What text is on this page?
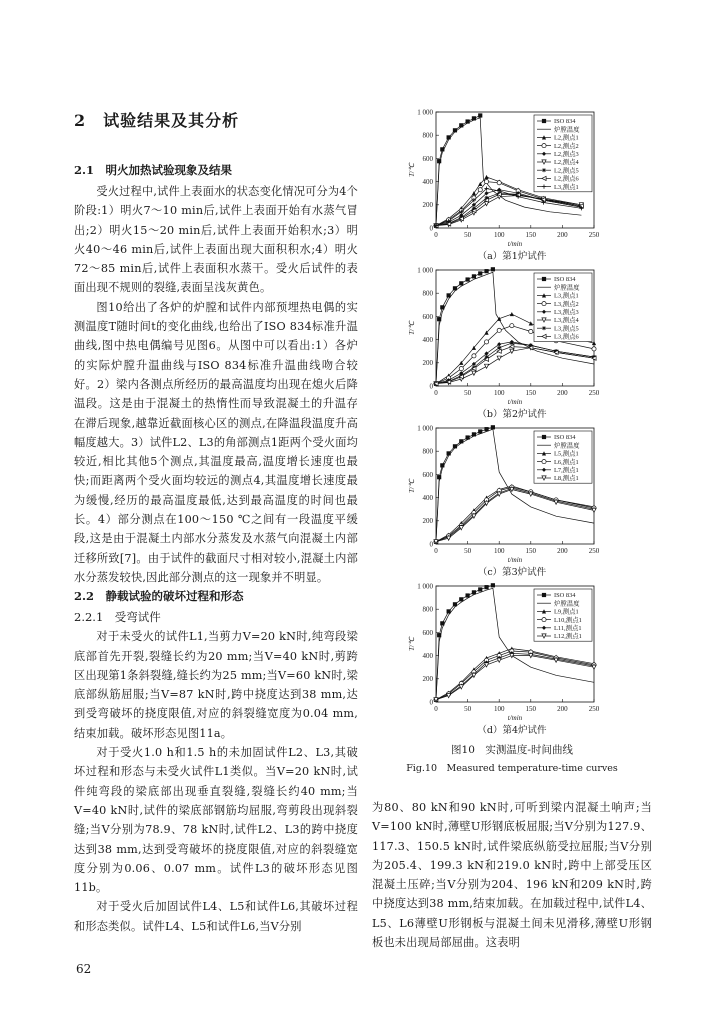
2　试验结果及其分析
2.1　明火加热试验现象及结果

受火过程中,试件上表面水的状态变化情况可分为4个阶段:1）明火7～10 min后,试件上表面开始有水蒸气冒出;2）明火15～20 min后,试件上表面开始积水;3）明火40～46 min后,试件上表面出现大面积积水;4）明火72～85 min后,试件上表面积水蒸干。受火后试件的表面出现不规则的裂缝,表面呈浅灰黄色。

图10给出了各炉的炉膛和试件内部预埋热电偶的实测温度T随时间t的变化曲线,也给出了ISO 834标准升温曲线,图中热电偶编号见图6。从图中可以看出:1）各炉的实际炉膛升温曲线与ISO 834标准升温曲线吻合较好。2）梁内各测点所经历的最高温度均出现在熄火后降温段。这是由于混凝土的热惰性而导致混凝土的升温存在滞后现象,越靠近截面核心区的测点,在降温段温度升高幅度越大。3）试件L2、L3的角部测点1距两个受火面均较近,相比其他5个测点,其温度最高,温度增长速度也最快;而距离两个受火面均较远的测点4,其温度增长速度最为缓慢,经历的最高温度最低,达到最高温度的时间也最长。4）部分测点在100～150 ℃之间有一段温度平缓段,这是由于混凝土内部水分蒸发及水蒸气向混凝土内部迁移所致[7]。由于试件的截面尺寸相对较小,混凝土内部水分蒸发较快,因此部分测点的这一现象并不明显。

2.2　静载试验的破坏过程和形态
2.2.1　受弯试件

对于未受火的试件L1,当剪力V=20 kN时,纯弯段梁底部首先开裂,裂缝长约为20 mm;当V=40 kN时,剪跨区出现第1条斜裂缝,缝长约为25 mm;当V=60 kN时,梁底部纵筋屈服;当V=87 kN时,跨中挠度达到38 mm,达到受弯破坏的挠度限值,对应的斜裂缝宽度为0.04 mm,结束加载。破坏形态见图11a。

对于受火1.0 h和1.5 h的未加固试件L2、L3,其破坏过程和形态与未受火试件L1类似。当V=20 kN时,试件纯弯段的梁底部出现垂直裂缝,裂缝长约40 mm;当V=40 kN时,试件的梁底部钢筋均屈服,弯剪段出现斜裂缝;当V分别为78.9、78 kN时,试件L2、L3的跨中挠度达到38 mm,达到受弯破坏的挠度限值,对应的斜裂缝宽度分别为0.06、0.07 mm。试件L3的破坏形态见图11b。

对于受火后加固试件L4、L5和试件L6,其破坏过程和形态类似。试件L4、L5和试件L6,当V分别

62
0	50	100	150	200	250
0
200
400
600
800
1 000
t/min
T/℃
ISO 834
炉膛温度
L2,测点1
L2,测点2
L2,测点3
L2,测点4
L2,测点5
L2,测点6
L3,测点1

（a）第1炉试件

0	50	100	150	200	250
0
200
400
600
800
1 000
t/min
T/℃
ISO 834
炉膛温度
L3,测点1
L3,测点2
L3,测点3
L3,测点4
L3,测点5
L3,测点6

（b）第2炉试件

0	50	100	150	200	250
0
200
400
600
800
1 000
t/min
T/℃
ISO 834
炉膛温度
L5,测点1
L6,测点1
L7,测点1
L8,测点1

（c）第3炉试件

0	50	100	150	200	250
0
200
400
600
800
1 000
t/min
T/℃
ISO 834
炉膛温度
L9,测点1
L10,测点1
L11,测点1
L12,测点1

（d）第4炉试件

图10　实测温度-时间曲线

Fig.10　Measured temperature-time curves

为80、80 kN和90 kN时,可听到梁内混凝土响声;当V=100 kN时,薄壁U形钢底板屈服;当V分别为127.9、117.3、150.5 kN时,试件梁底纵筋受拉屈服;当V分别为205.4、199.3 kN和219.0 kN时,跨中上部受压区混凝土压碎;当V分别为204、196 kN和209 kN时,跨中挠度达到38 mm,结束加载。在加载过程中,试件L4、L5、L6薄壁U形钢板与混凝土间未见滑移,薄壁U形钢板也未出现局部屈曲。这表明
